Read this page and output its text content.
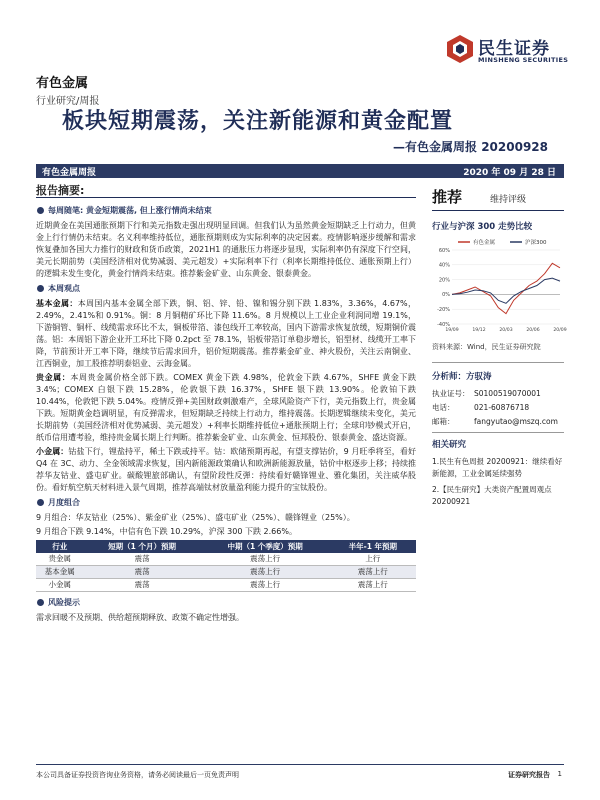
民生证券
MINSHENG SECURITIES
有色金属
行业研究/周报
板块短期震荡，关注新能源和黄金配置
—有色金属周报 20200928
有色金属周报	2020 年 09 月 28 日
报告摘要:
每周随笔: 黄金短期震荡, 但上涨行情尚未结束
近期黄金在美国通胀预期下行和美元指数走强出现明显回调。但我们认为虽然黄金短期缺乏上行动力，但黄金上行行情仍未结束。名义利率维持低位，通胀预期则成为实际利率的决定因素。疫情影响逐步缓解和需求恢复叠加各国大力推行的财政和货币政策，2021H1 的通胀压力将逐步显现，实际利率仍有深度下行空间，美元长期前势（美国经济相对优势减弱、美元超发）+实际利率下行（利率长期维持低位、通胀预期上行）的逻辑未发生变化，黄金行情尚未结束。推荐紫金矿业、山东黄金、银泰黄金。
本周观点
基本金属：本周国内基本金属全部下跌，铜、铝、锌、铅、镍和锡分别下跌 1.83%，3.36%，4.67%，2.49%，2.41%和 0.91%。铜：8 月铜精矿环比下降 11.6%。8 月规模以上工业企业利润同增 19.1%，下游铜管、铜杆、线缆需求环比不太，铜板带箔、漆包线开工率较高，国内下游需求恢复放缓，短期铜价震荡。铝：本周铝下游企业开工环比下降 0.2pct 至 78.1%，铝板带箔订单稳步增长，铝型材、线缆开工率下降，节前预计开工率下降，继续节后需求回升，铝价短期震荡。推荐紫金矿业、神火股份，关注云南铜业、江西铜业，加工股推荐明泰铝业、云海金属。
贵金属：本周贵金属价格全部下跌。COMEX 黄金下跌 4.98%，伦敦金下跌 4.67%，SHFE 黄金下跌 3.4%；COMEX 白银下跌 15.28%，伦敦银下跌 16.37%，SHFE 银下跌 13.90%。伦敦铂下跌 10.44%，伦敦钯下跌 5.04%。疫情反弹+美国财政刺激难产，全球风险资产下行，美元指数上行，贵金属下跌。短期黄金趋调明显，有反弹需求，但短期缺乏持续上行动力，维持震荡。长期逻辑继续未变化，美元长期前势（美国经济相对优势减弱、美元超发）+利率长期维持低位+通胀预期上行；全球印钞模式开启，纸币信用遭考验，维持贵金属长期上行判断。推荐紫金矿业、山东黄金、恒邦股份、银泰黄金、盛达资源。
小金属：钴盐下行，锂盐持平，稀土下跌或持平。钴：欧储预期再起，有望支撑钴价，9 月旺季将至，看好 Q4 在 3C、动力、全金领域需求恢复，国内新能源政策确认和欧洲新能源放量，钴价中枢逐步上移；持续推荐华友钴业、盛屯矿业。碳酸锂旅部确认，有望阶段性反弹：持续看好赣锋锂业、雅化集团，关注威华股份。看好航空航天材料进入景气周期，推荐高端钛材放量盈利能力提升的宝钛股份。
月度组合
9 月组合：华友钴业（25%）、紫金矿业（25%）、盛屯矿业（25%）、赣锋锂业（25%）。
9 月组合下跌 9.14%，中信有色下跌 10.29%，沪深 300 下跌 2.66%。
行业	短期（1 个月）预期	中期（1 个季度）预期	半年-1 年预期
贵金属	震荡	震荡上行	上行
基本金属	震荡	震荡上行	震荡上行
小金属	震荡	震荡上行	震荡上行
风险提示
需求回暖不及预期、供给超预期释放、政策不确定性增强。
推荐	维持评级
行业与沪深 300 走势比较
有色金属	沪深300
60%
40%
20%
0%
-20%
-40%
19/09	19/12	20/03	20/06	20/09
资料来源：Wind，民生证券研究院
分析师：方驭涛
执业证号： S0100519070001
电话：	021-60876718
邮箱：	fangyutao@mszq.com
相关研究
1.民生有色周报 20200921：继续看好新能源，工业金属延续强势
2.【民生研究】大类资产配置周观点 20200921
本公司具备证券投资咨询业务资格，请务必阅读最后一页免责声明	证券研究报告 1
